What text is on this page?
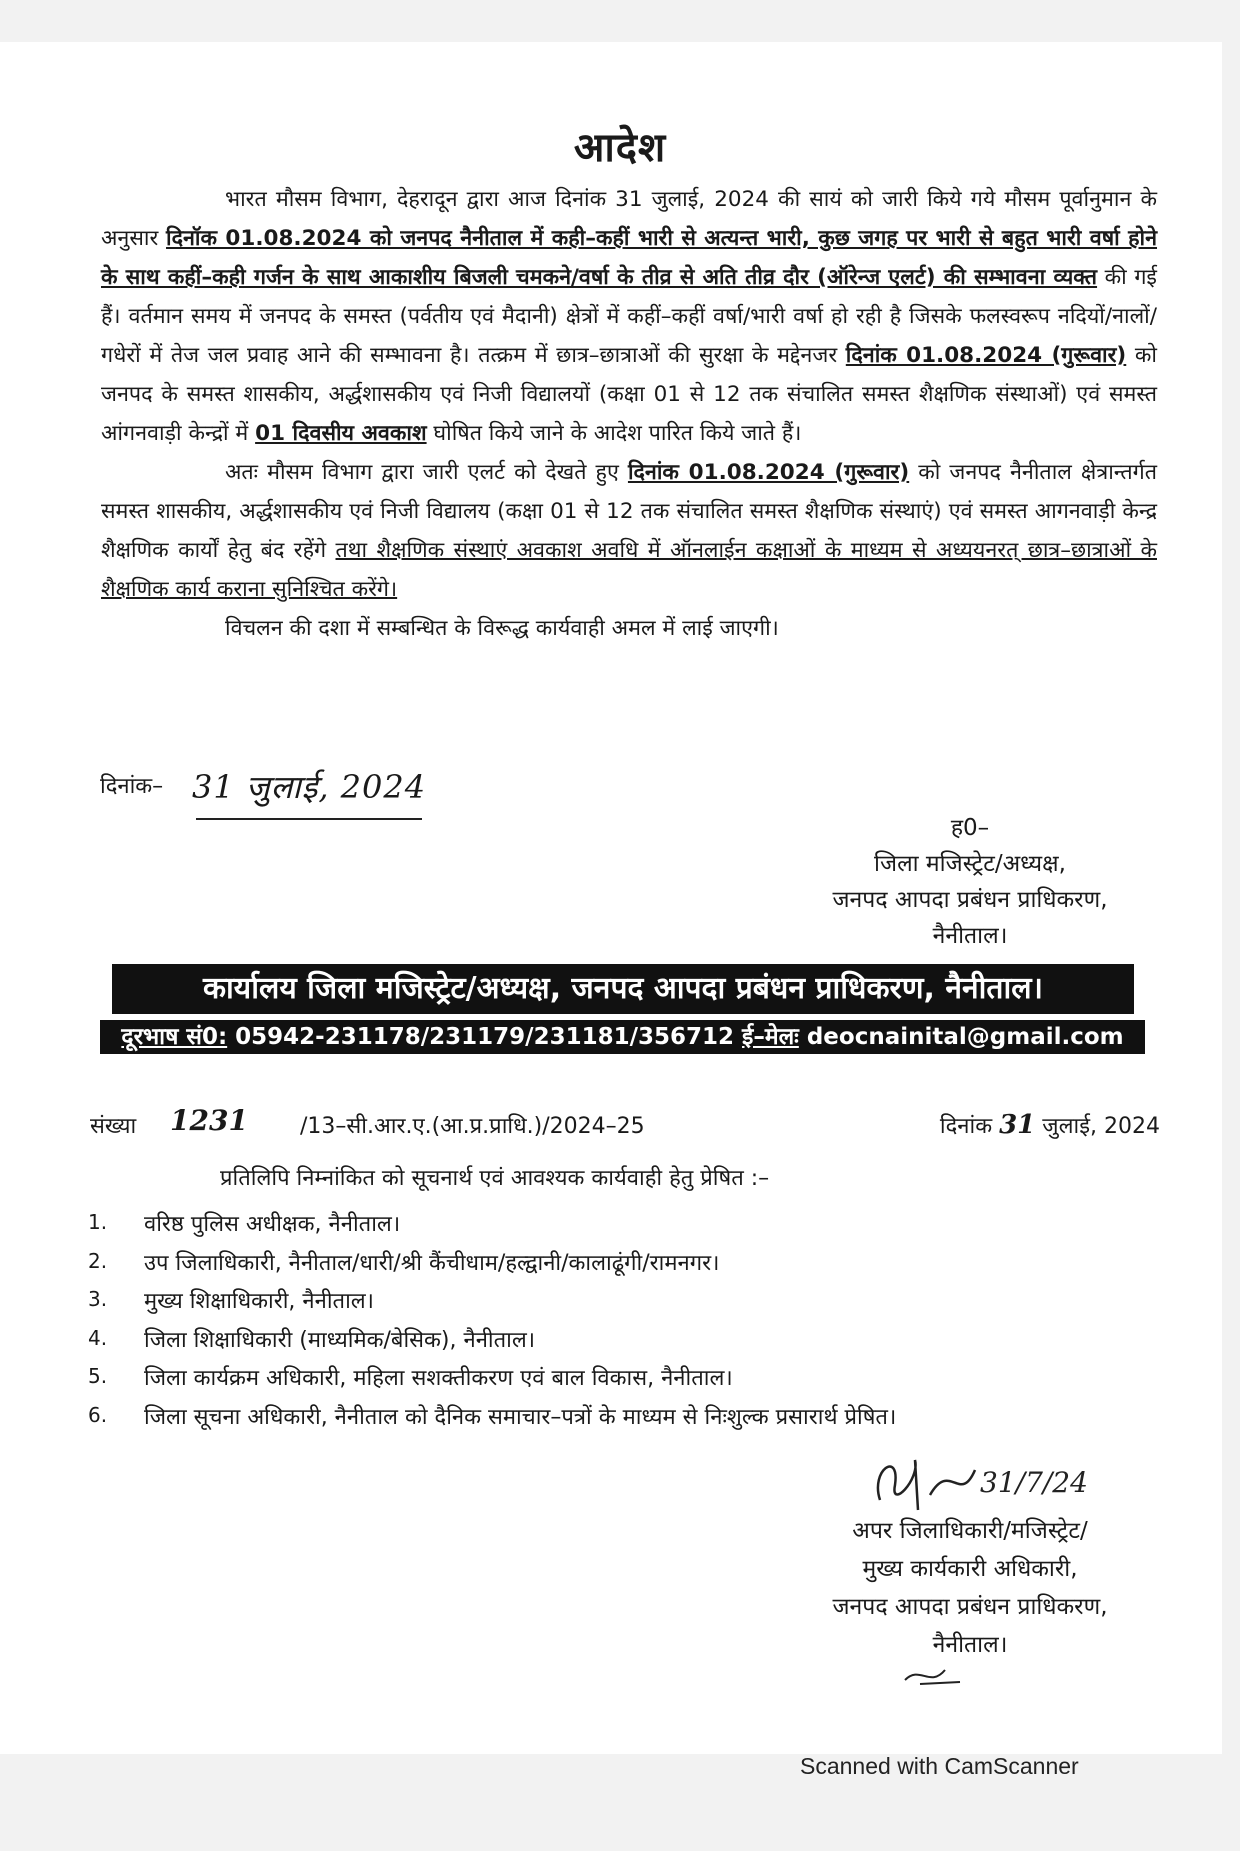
आदेश

भारत मौसम विभाग, देहरादून द्वारा आज दिनांक 31 जुलाई, 2024 की सायं को जारी किये गये मौसम पूर्वानुमान के अनुसार दिनॉक 01.08.2024 को जनपद नैनीताल में कही–कहीं भारी से अत्यन्त भारी, कुछ जगह पर भारी से बहुत भारी वर्षा होने के साथ कहीं–कही गर्जन के साथ आकाशीय बिजली चमकने/वर्षा के तीव्र से अति तीव्र दौर (ऑरेन्ज एलर्ट) की सम्भावना व्यक्त की गई हैं। वर्तमान समय में जनपद के समस्त (पर्वतीय एवं मैदानी) क्षेत्रों में कहीं–कहीं वर्षा/भारी वर्षा हो रही है जिसके फलस्वरूप नदियों/नालों/ गधेरों में तेज जल प्रवाह आने की सम्भावना है। तत्क्रम में छात्र–छात्राओं की सुरक्षा के मद्देनजर दिनांक 01.08.2024 (गुरूवार) को जनपद के समस्त शासकीय, अर्द्धशासकीय एवं निजी विद्यालयों (कक्षा 01 से 12 तक संचालित समस्त शैक्षणिक संस्थाओं) एवं समस्त आंगनवाड़ी केन्द्रों में 01 दिवसीय अवकाश घोषित किये जाने के आदेश पारित किये जाते हैं।

अतः मौसम विभाग द्वारा जारी एलर्ट को देखते हुए दिनांक 01.08.2024 (गुरूवार) को जनपद नैनीताल क्षेत्रान्तर्गत समस्त शासकीय, अर्द्धशासकीय एवं निजी विद्यालय (कक्षा 01 से 12 तक संचालित समस्त शैक्षणिक संस्थाएं) एवं समस्त आगनवाड़ी केन्द्र शैक्षणिक कार्यों हेतु बंद रहेंगे तथा शैक्षणिक संस्थाएं अवकाश अवधि में ऑनलाईन कक्षाओं के माध्यम से अध्ययनरत् छात्र–छात्राओं के शैक्षणिक कार्य कराना सुनिश्चित करेंगे।

विचलन की दशा में सम्बन्धित के विरूद्ध कार्यवाही अमल में लाई जाएगी।

दिनांक– 31 जुलाई, 2024
ह0–
जिला मजिस्ट्रेट/अध्यक्ष,
जनपद आपदा प्रबंधन प्राधिकरण,
नैनीताल।
कार्यालय जिला मजिस्ट्रेट/अध्यक्ष, जनपद आपदा प्रबंधन प्राधिकरण, नैनीताल।
दूरभाष सं0: 05942-231178/231179/231181/356712 ई–मेलः deocnainital@gmail.com
संख्या 1231 /13–सी.आर.ए.(आ.प्र.प्राधि.)/2024–25	दिनांक 31 जुलाई, 2024
प्रतिलिपि निम्नांकित को सूचनार्थ एवं आवश्यक कार्यवाही हेतु प्रेषित :–
1. वरिष्ठ पुलिस अधीक्षक, नैनीताल।
2. उप जिलाधिकारी, नैनीताल/धारी/श्री कैंचीधाम/हल्द्वानी/कालाढूंगी/रामनगर।
3. मुख्य शिक्षाधिकारी, नैनीताल।
4. जिला शिक्षाधिकारी (माध्यमिक/बेसिक), नैनीताल।
5. जिला कार्यक्रम अधिकारी, महिला सशक्तीकरण एवं बाल विकास, नैनीताल।
6. जिला सूचना अधिकारी, नैनीताल को दैनिक समाचार–पत्रों के माध्यम से निःशुल्क प्रसारार्थ प्रेषित।
31/7/24
अपर जिलाधिकारी/मजिस्ट्रेट/
मुख्य कार्यकारी अधिकारी,
जनपद आपदा प्रबंधन प्राधिकरण,
नैनीताल।
Scanned with CamScanner
